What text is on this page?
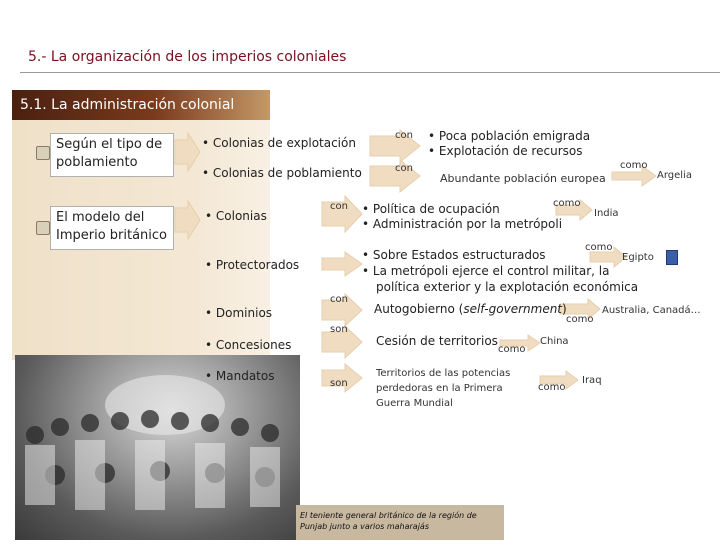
5.- La organización de los imperios coloniales
5.1. La administración colonial
Según el tipo de poblamiento
El modelo del Imperio británico
El teniente general británico de la región de Punjab junto a varios maharajás
• Colonias de explotación
• Colonias de poblamiento
• Colonias
• Protectorados
• Dominios
• Concesiones
• Mandatos
con
con
con
con
son
son
como
como
como
como
como
como
• Poca población emigrada
• Explotación de recursos
Abundante población europea	Argelia
• Política de ocupación
• Administración por la metrópoli
India
• Sobre Estados estructurados
• La metrópoli ejerce el control militar, la
política exterior y la explotación económica
Egipto
Autogobierno (self-government)	Australia, Canadá…
Cesión de territorios	China
Territorios de las potencias
perdedoras en la Primera
Guerra Mundial
Iraq
